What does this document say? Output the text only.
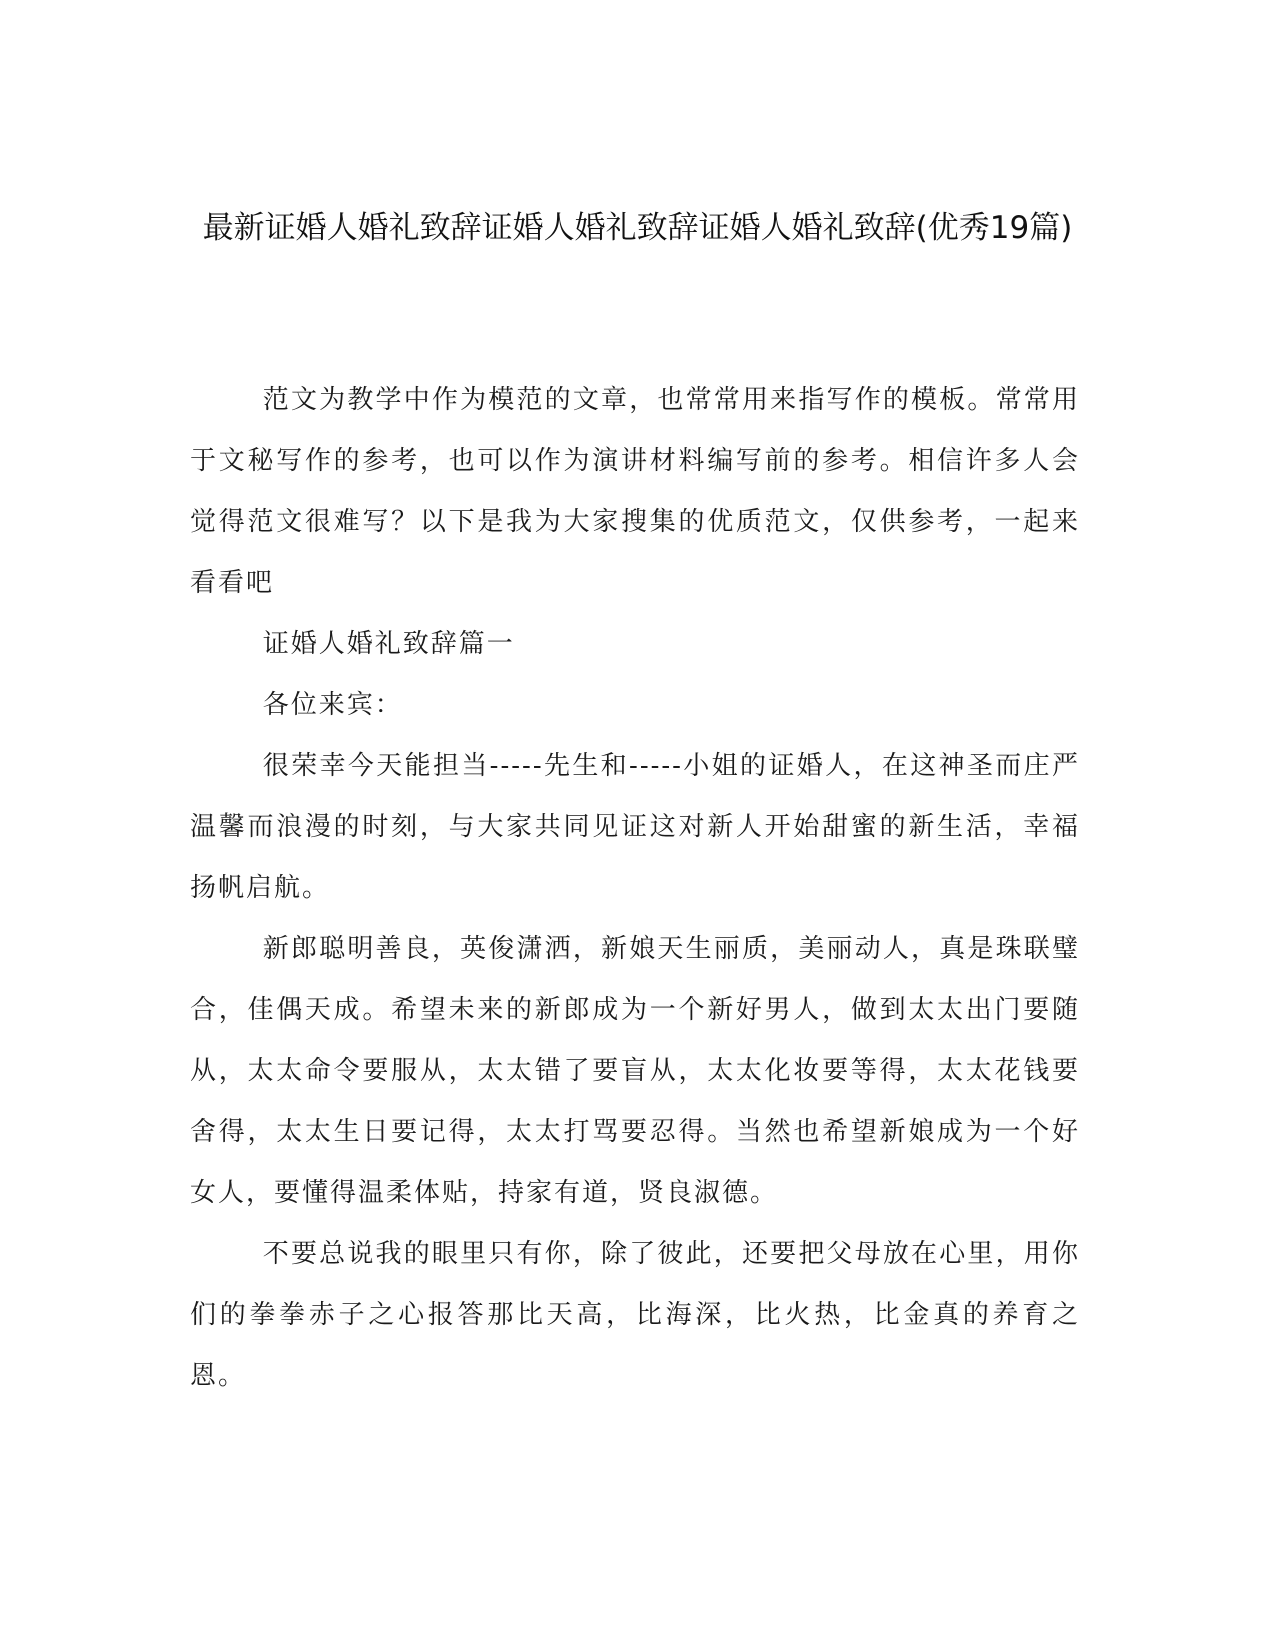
最新证婚人婚礼致辞证婚人婚礼致辞证婚人婚礼致辞(优秀19篇)

范文为教学中作为模范的文章，也常常用来指写作的模板。常常用于文秘写作的参考，也可以作为演讲材料编写前的参考。相信许多人会觉得范文很难写？以下是我为大家搜集的优质范文，仅供参考，一起来看看吧

证婚人婚礼致辞篇一

各位来宾：

很荣幸今天能担当-----先生和-----小姐的证婚人，在这神圣而庄严温馨而浪漫的时刻，与大家共同见证这对新人开始甜蜜的新生活，幸福扬帆启航。

新郎聪明善良，英俊潇洒，新娘天生丽质，美丽动人，真是珠联璧合，佳偶天成。希望未来的新郎成为一个新好男人，做到太太出门要随从，太太命令要服从，太太错了要盲从，太太化妆要等得，太太花钱要舍得，太太生日要记得，太太打骂要忍得。当然也希望新娘成为一个好女人，要懂得温柔体贴，持家有道，贤良淑德。

不要总说我的眼里只有你，除了彼此，还要把父母放在心里，用你们的拳拳赤子之心报答那比天高，比海深，比火热，比金真的养育之恩。
